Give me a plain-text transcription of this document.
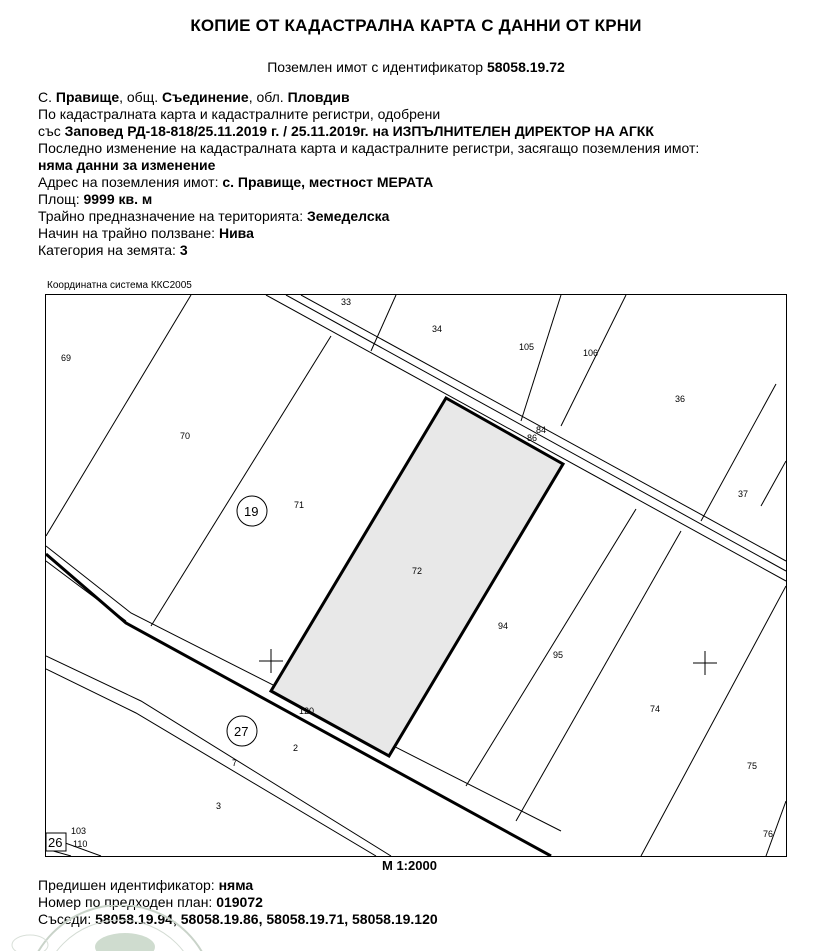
КОПИЕ ОТ КАДАСТРАЛНА КАРТА С ДАННИ ОТ КРНИ
Поземлен имот с идентификатор 58058.19.72
С. Правище, общ. Съединение, обл. Пловдив
По кадастралната карта и кадастралните регистри, одобрени
със Заповед РД-18-818/25.11.2019 г. / 25.11.2019г. на ИЗПЪЛНИТЕЛЕН ДИРЕКТОР НА АГКК
Последно изменение на кадастралната карта и кадастралните регистри, засягащо поземления имот:
няма данни за изменение
Адрес на поземления имот: с. Правище, местност МЕРАТА
Площ: 9999 кв. м
Трайно предназначение на територията: Земеделска
Начин на трайно ползване: Нива
Категория на земята: 3
Координатна система ККС2005
19
27
26
33
34
105
106
69
70
36
84
86
37
71
72
94
95
74
120
2
7	75
3
103
110
76
М 1:2000
Предишен идентификатор: няма
Номер по предходен план: 019072
Съседи: 58058.19.94, 58058.19.86, 58058.19.71, 58058.19.120
